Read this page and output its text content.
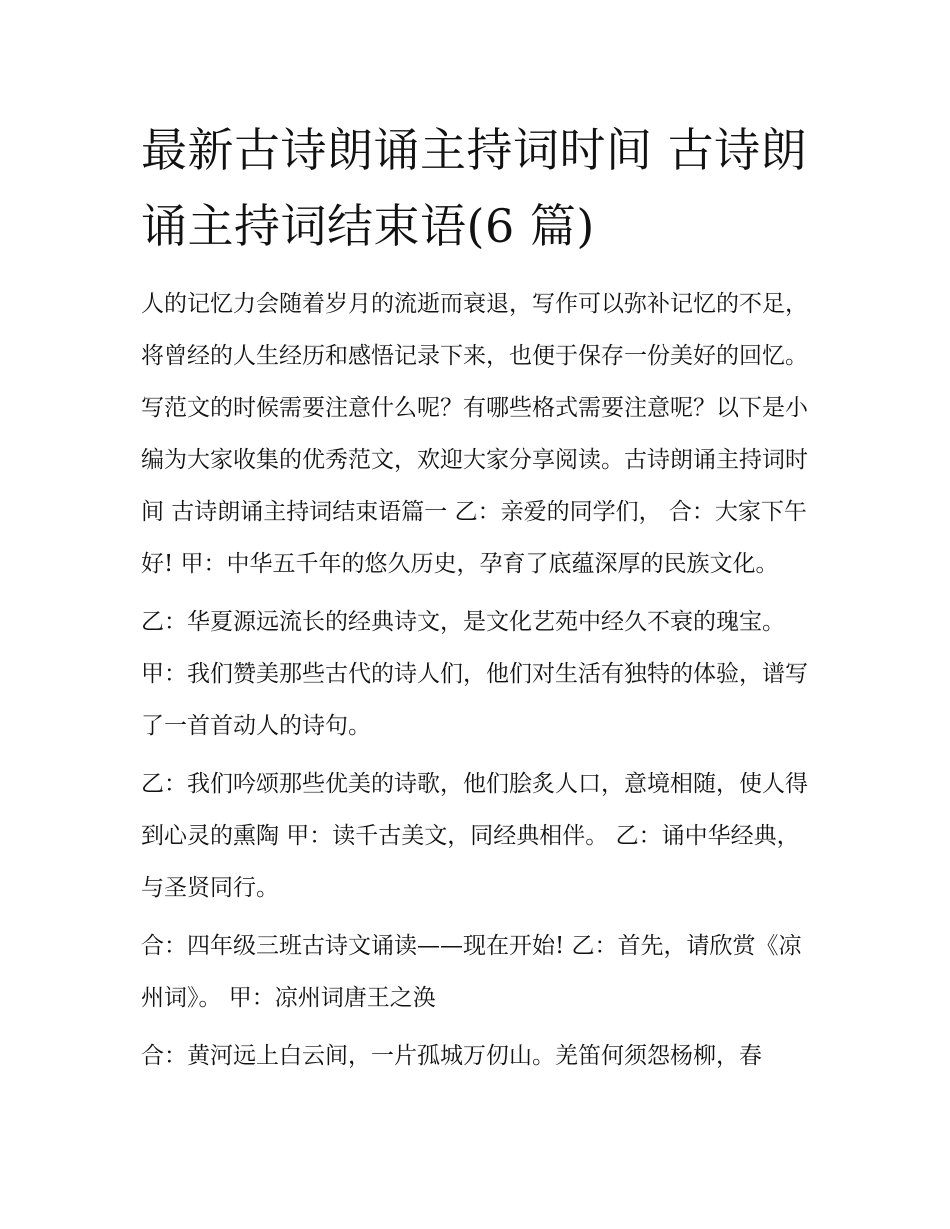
最新古诗朗诵主持词时间 古诗朗诵主持词结束语(6 篇)

人的记忆力会随着岁月的流逝而衰退，写作可以弥补记忆的不足，将曾经的人生经历和感悟记录下来，也便于保存一份美好的回忆。写范文的时候需要注意什么呢？有哪些格式需要注意呢？以下是小编为大家收集的优秀范文，欢迎大家分享阅读。古诗朗诵主持词时间 古诗朗诵主持词结束语篇一 乙：亲爱的同学们， 合：大家下午好! 甲：中华五千年的悠久历史，孕育了底蕴深厚的民族文化。

乙：华夏源远流长的经典诗文，是文化艺苑中经久不衰的瑰宝。 甲：我们赞美那些古代的诗人们，他们对生活有独特的体验，谱写了一首首动人的诗句。

乙：我们吟颂那些优美的诗歌，他们脍炙人口，意境相随，使人得到心灵的熏陶 甲：读千古美文，同经典相伴。 乙：诵中华经典，与圣贤同行。

合：四年级三班古诗文诵读——现在开始! 乙：首先，请欣赏《凉州词》。 甲：凉州词唐王之涣

合：黄河远上白云间，一片孤城万仞山。羌笛何须怨杨柳，春
